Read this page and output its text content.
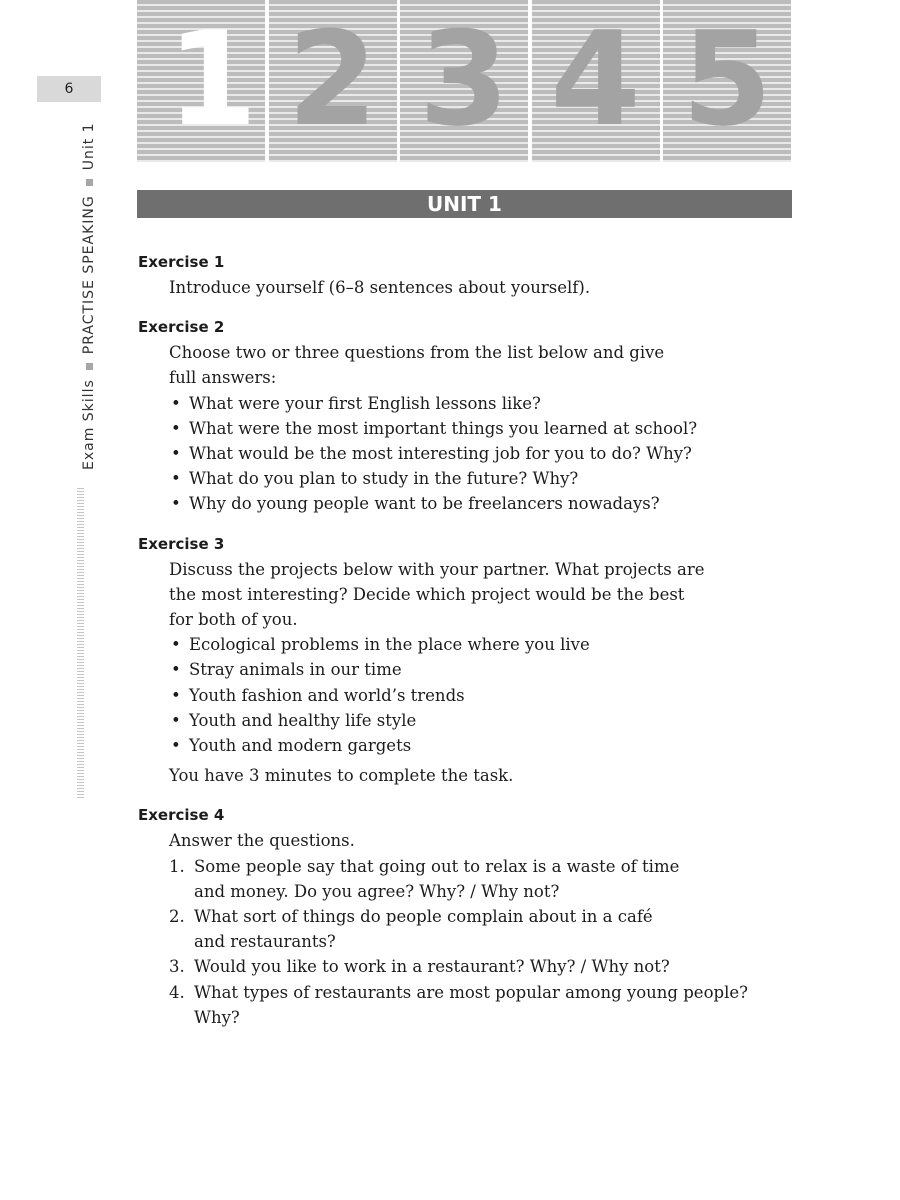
6
Exam SkillsPRACTISE SPEAKINGUnit 1 1 2 3 4 5
UNIT 1

Exercise 1

Introduce yourself (6–8 sentences about yourself).

Exercise 2

Choose two or three questions from the list below and give

full answers:

• What were your first English lessons like?
• What were the most important things you learned at school?
• What would be the most interesting job for you to do? Why?
• What do you plan to study in the future? Why?
• Why do young people want to be freelancers nowadays?

Exercise 3

Discuss the projects below with your partner. What projects are

the most interesting? Decide which project would be the best

for both of you.

• Ecological problems in the place where you live
• Stray animals in our time
• Youth fashion and world’s trends
• Youth and healthy life style
• Youth and modern gargets

You have 3 minutes to complete the task.

Exercise 4

Answer the questions.

1. Some people say that going out to relax is a waste of time
and money. Do you agree? Why? / Why not?
2. What sort of things do people complain about in a café
and restaurants?
3. Would you like to work in a restaurant? Why? / Why not?
4. What types of restaurants are most popular among young people?
Why?
